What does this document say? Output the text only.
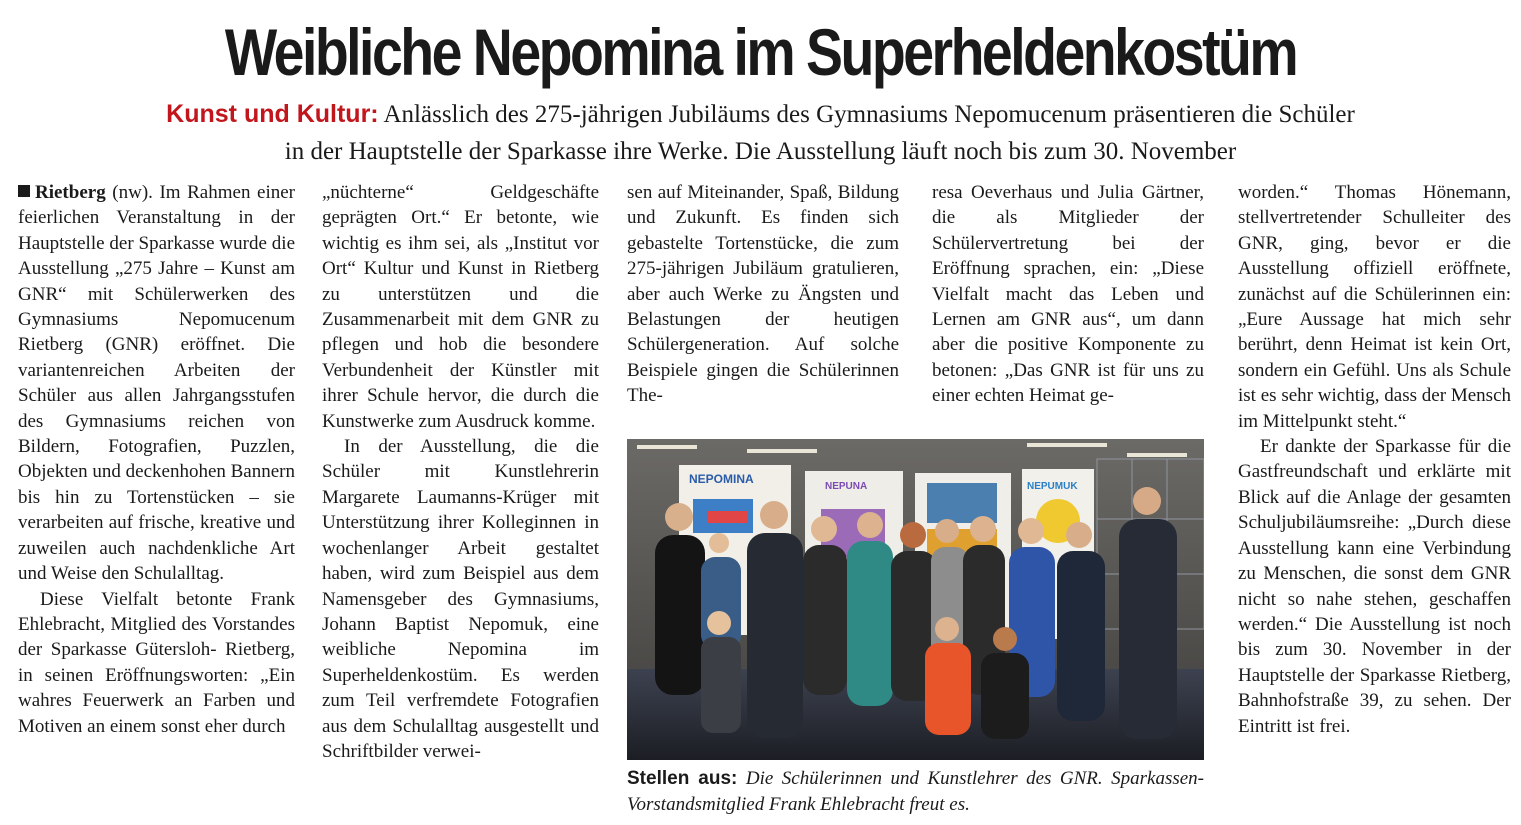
Weibliche Nepomina im Superheldenkostüm

Kunst und Kultur: Anlässlich des 275-jährigen Jubiläums des Gymnasiums Nepomucenum präsentieren die Schüler

in der Hauptstelle der Sparkasse ihre Werke. Die Ausstellung läuft noch bis zum 30. November

Rietberg (nw). Im Rahmen einer feierlichen Veranstaltung in der Hauptstelle der Sparkasse wurde die Ausstellung „275 Jahre – Kunst am GNR“ mit Schülerwerken des Gymnasiums Nepomucenum Rietberg (GNR) eröffnet. Die variantenreichen Arbeiten der Schüler aus allen Jahrgangsstufen des Gymnasiums reichen von Bildern, Fotografien, Puzzlen, Objekten und deckenhohen Bannern bis hin zu Tortenstücken – sie verarbeiten auf frische, kreative und zuweilen auch nachdenkliche Art und Weise den Schulalltag.

Diese Vielfalt betonte Frank Ehlebracht, Mitglied des Vorstandes der Sparkasse Gütersloh- Rietberg, in seinen Eröffnungsworten: „Ein wahres Feuerwerk an Farben und Motiven an einem sonst eher durch

„nüchterne“ Geldgeschäfte geprägten Ort.“ Er betonte, wie wichtig es ihm sei, als „Institut vor Ort“ Kultur und Kunst in Rietberg zu unterstützen und die Zusammenarbeit mit dem GNR zu pflegen und hob die besondere Verbundenheit der Künstler mit ihrer Schule hervor, die durch die Kunstwerke zum Ausdruck komme.

In der Ausstellung, die die Schüler mit Kunstlehrerin Margarete Laumanns-Krüger mit Unterstützung ihrer Kolleginnen in wochenlanger Arbeit gestaltet haben, wird zum Beispiel aus dem Namensgeber des Gymnasiums, Johann Baptist Nepomuk, eine weibliche Nepomina im Superheldenkostüm. Es werden zum Teil verfremdete Fotografien aus dem Schulalltag ausgestellt und Schriftbilder verwei-

sen auf Miteinander, Spaß, Bildung und Zukunft. Es finden sich gebastelte Tortenstücke, die zum 275-jährigen Jubiläum gratulieren, aber auch Werke zu Ängsten und Belastungen der heutigen Schülergeneration. Auf solche Beispiele gingen die Schülerinnen The-

resa Oeverhaus und Julia Gärtner, die als Mitglieder der Schülervertretung bei der Eröffnung sprachen, ein: „Diese Vielfalt macht das Leben und Lernen am GNR aus“, um dann aber die positive Komponente zu betonen: „Das GNR ist für uns zu einer echten Heimat ge-

worden.“ Thomas Hönemann, stellvertretender Schulleiter des GNR, ging, bevor er die Ausstellung offiziell eröffnete, zunächst auf die Schülerinnen ein: „Eure Aussage hat mich sehr berührt, denn Heimat ist kein Ort, sondern ein Gefühl. Uns als Schule ist es sehr wichtig, dass der Mensch im Mittelpunkt steht.“

Er dankte der Sparkasse für die Gastfreundschaft und erklärte mit Blick auf die Anlage der gesamten Schuljubiläumsreihe: „Durch diese Ausstellung kann eine Verbindung zu Menschen, die sonst dem GNR nicht so nahe stehen, geschaffen werden.“ Die Ausstellung ist noch bis zum 30. November in der Hauptstelle der Sparkasse Rietberg, Bahnhofstraße 39, zu sehen. Der Eintritt ist frei.

NEPOMINA
NEPUNA	NEPUMUK

Stellen aus: Die Schülerinnen und Kunstlehrer des GNR. Sparkassen-Vorstandsmitglied Frank Ehlebracht freut es.
